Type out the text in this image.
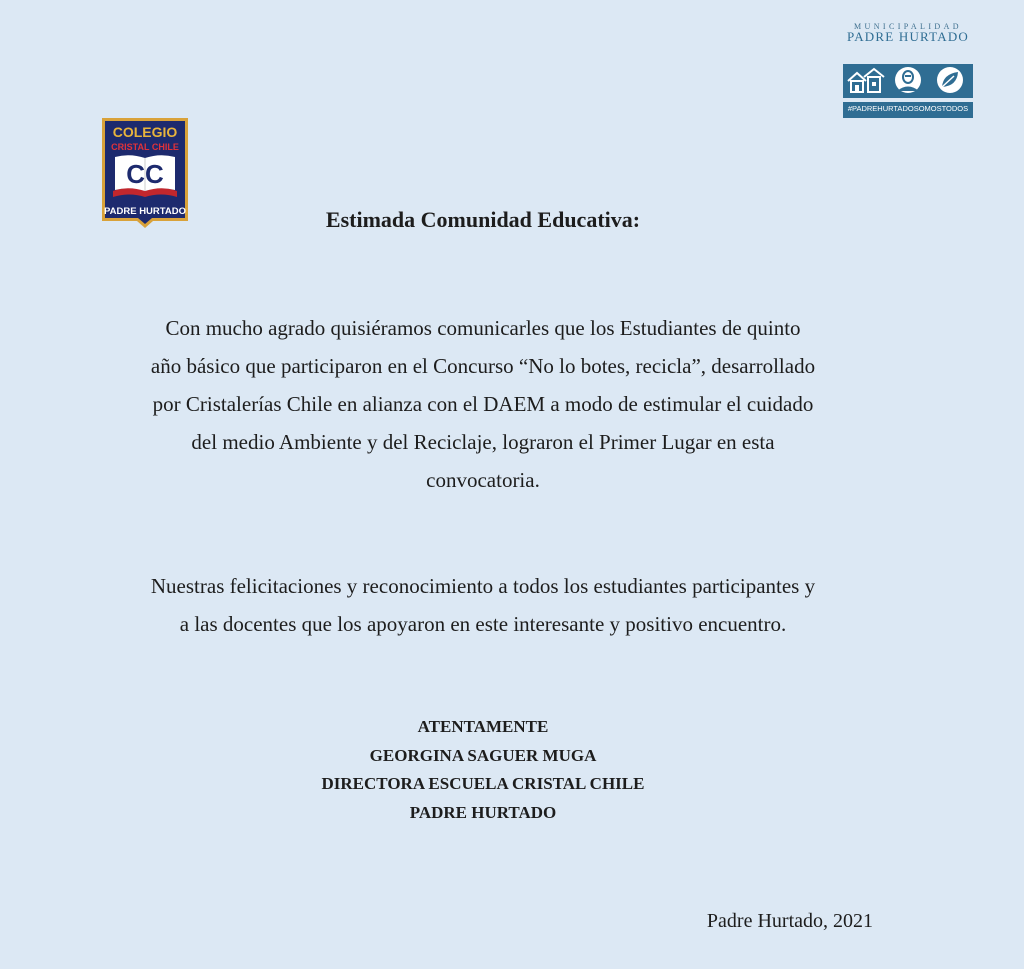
MUNICIPALIDAD
PADRE HURTADO
#PADREHURTADOSOMOSTODOS
COLEGIO
CRISTAL CHILE
CC
PADRE HURTADO	Estimada Comunidad Educativa:
Con mucho agrado quisiéramos comunicarles que los Estudiantes de quinto
año básico que participaron en el Concurso “No lo botes, recicla”, desarrollado
por Cristalerías Chile en alianza con el DAEM a modo de estimular el cuidado
del medio Ambiente y del Reciclaje, lograron el Primer Lugar en esta
convocatoria.
Nuestras felicitaciones y reconocimiento a todos los estudiantes participantes y
a las docentes que los apoyaron en este interesante y positivo encuentro.
ATENTAMENTE
GEORGINA SAGUER MUGA
DIRECTORA ESCUELA CRISTAL CHILE
PADRE HURTADO
Padre Hurtado, 2021
